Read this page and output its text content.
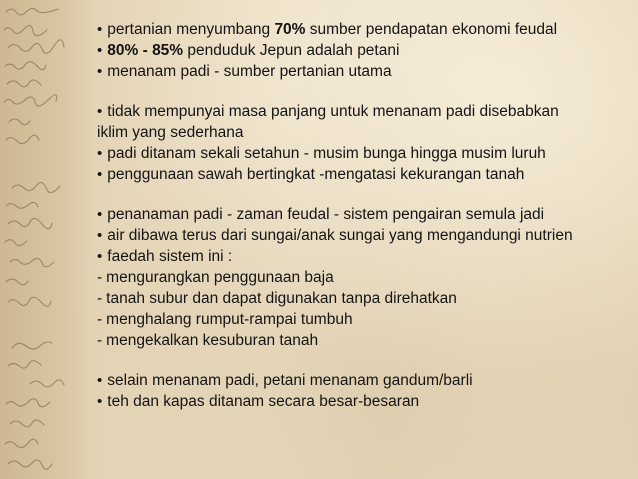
• pertanian menyumbang 70% sumber pendapatan ekonomi feudal

• 80% - 85% penduduk Jepun adalah petani

• menanam padi - sumber pertanian utama

• tidak mempunyai masa panjang untuk menanam padi disebabkan

iklim yang sederhana

• padi ditanam sekali setahun - musim bunga hingga musim luruh

• penggunaan sawah bertingkat -mengatasi kekurangan tanah

• penanaman padi - zaman feudal - sistem pengairan semula jadi

• air dibawa terus dari sungai/anak sungai yang mengandungi nutrien

• faedah sistem ini :

- mengurangkan penggunaan baja

- tanah subur dan dapat digunakan tanpa direhatkan

- menghalang rumput-rampai tumbuh

- mengekalkan kesuburan tanah

• selain menanam padi, petani menanam gandum/barli

• teh dan kapas ditanam secara besar-besaran
